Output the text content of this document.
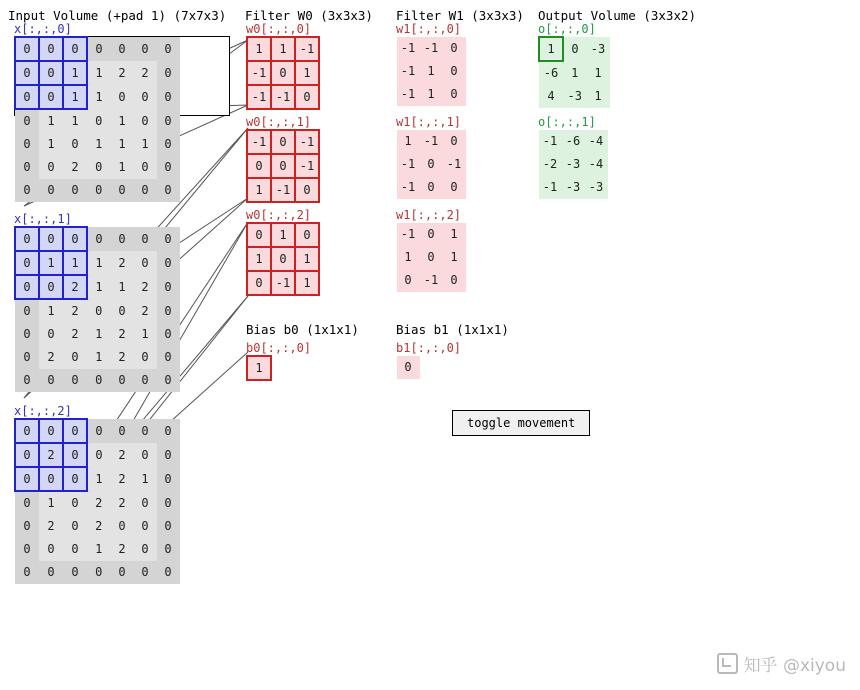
Input Volume (+pad 1) (7x7x3) Filter W0 (3x3x3) Filter W1 (3x3x3) Output Volume (3x3x2)
x[:,:,0]
0	0	0	0	0	0	0
0	0	1	1	2	2	0
0	0	1	1	0	0	0
0	1	1	0	1	0	0
0	1	0	1	1	1	0
0	0	2	0	1	0	0
0	0	0	0	0	0	0
x[:,:,1]
0	0	0	0	0	0	0
0	1	1	1	2	0	0
0	0	2	1	1	2	0
0	1	2	0	0	2	0
0	0	2	1	2	1	0
0	2	0	1	2	0	0
0	0	0	0	0	0	0
x[:,:,2]
0	0	0	0	0	0	0
0	2	0	0	2	0	0
0	0	0	1	2	1	0
0	1	0	2	2	0	0
0	2	0	2	0	0	0
0	0	0	1	2	0	0
0	0	0	0	0	0	0
w0[:,:,0]
1	1	-1
-1	0	1
-1	-1	0
w0[:,:,1]
-1	0	-1
0	0	-1
1	-1	0
w0[:,:,2]
0	1	0
1	0	1
0	-1	1
Bias b0 (1x1x1)
b0[:,:,0]
1
w1[:,:,0]
-1	-1	0
-1	1	0
-1	1	0
w1[:,:,1]
1	-1	0
-1	0	-1
-1	0	0
w1[:,:,2]
-1	0	1
1	0	1
0	-1	0
Bias b1 (1x1x1)
b1[:,:,0]
0
o[:,:,0]
1	0	-3
-6	1	1
4	-3	1
o[:,:,1]
-1	-6	-4
-2	-3	-4
-1	-3	-3
toggle movement
知乎 @xiyou
